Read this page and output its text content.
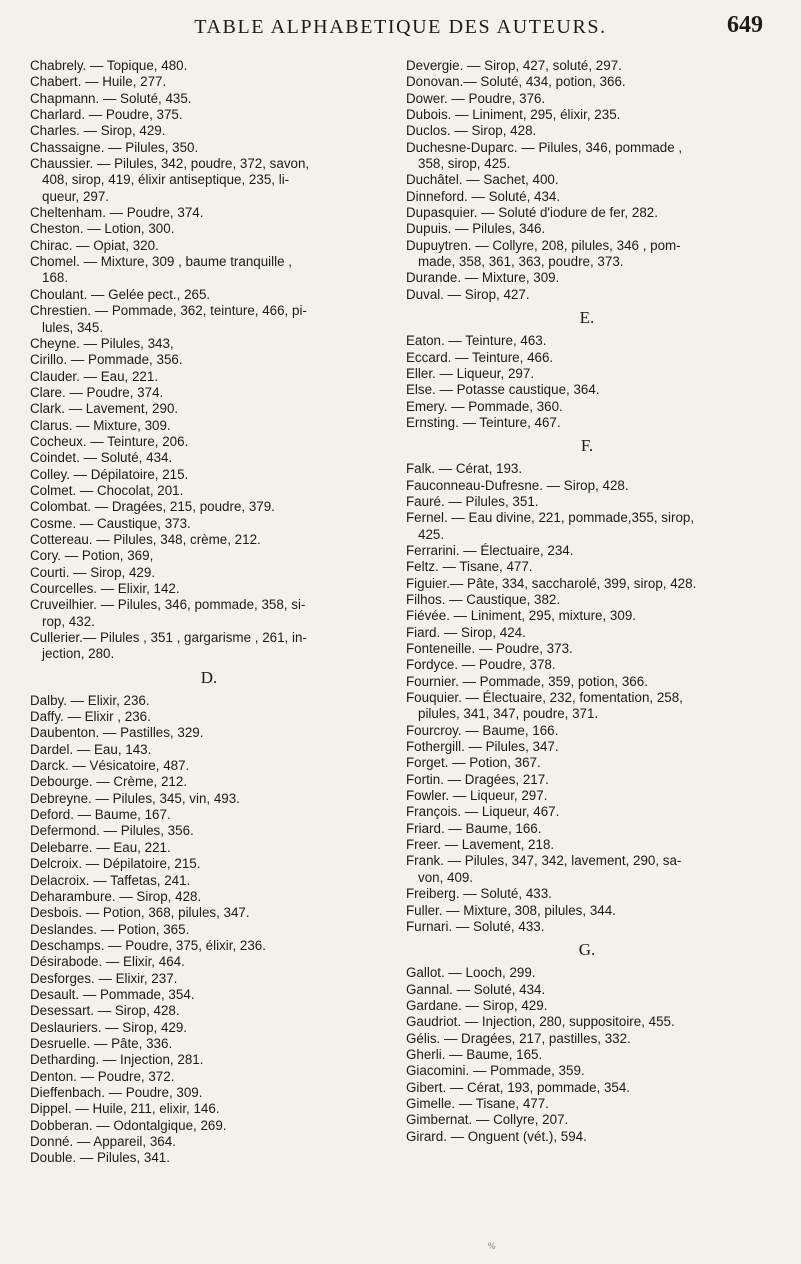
TABLE ALPHABETIQUE DES AUTEURS.	649
Chabrely. — Topique, 480.
Chabert. — Huile, 277.
Chapmann. — Soluté, 435.
Charlard. — Poudre, 375.
Charles. — Sirop, 429.
Chassaigne. — Pilules, 350.
Chaussier. — Pilules, 342, poudre, 372, savon,
408, sirop, 419, élixir antiseptique, 235, li-
queur, 297.
Cheltenham. — Poudre, 374.
Cheston. — Lotion, 300.
Chirac. — Opiat, 320.
Chomel. — Mixture, 309 , baume tranquille ,
168.
Choulant. — Gelée pect., 265.
Chrestien. — Pommade, 362, teinture, 466, pi-
lules, 345.
Cheyne. — Pilules, 343,
Cirillo. — Pommade, 356.
Clauder. — Eau, 221.
Clare. — Poudre, 374.
Clark. — Lavement, 290.
Clarus. — Mixture, 309.
Cocheux. — Teinture, 206.
Coindet. — Soluté, 434.
Colley. — Dépilatoire, 215.
Colmet. — Chocolat, 201.
Colombat. — Dragées, 215, poudre, 379.
Cosme. — Caustique, 373.
Cottereau. — Pilules, 348, crème, 212.
Cory. — Potion, 369,
Courti. — Sirop, 429.
Courcelles. — Elixir, 142.
Cruveilhier. — Pilules, 346, pommade, 358, si-
rop, 432.
Cullerier.— Pilules , 351 , gargarisme , 261, in-
jection, 280.
D.
Dalby. — Elixir, 236.
Daffy. — Elixir , 236.
Daubenton. — Pastilles, 329.
Dardel. — Eau, 143.
Darck. — Vésicatoire, 487.
Debourge. — Crème, 212.
Debreyne. — Pilules, 345, vin, 493.
Deford. — Baume, 167.
Defermond. — Pilules, 356.
Delebarre. — Eau, 221.
Delcroix. — Dépilatoire, 215.
Delacroix. — Taffetas, 241.
Deharambure. — Sirop, 428.
Desbois. — Potion, 368, pilules, 347.
Deslandes. — Potion, 365.
Deschamps. — Poudre, 375, élixir, 236.
Désirabode. — Elixir, 464.
Desforges. — Elixir, 237.
Desault. — Pommade, 354.
Desessart. — Sirop, 428.
Deslauriers. — Sirop, 429.
Desruelle. — Pâte, 336.
Detharding. — Injection, 281.
Denton. — Poudre, 372.
Dieffenbach. — Poudre, 309.
Dippel. — Huile, 211, elixir, 146.
Dobberan. — Odontalgique, 269.
Donné. — Appareil, 364.
Double. — Pilules, 341.
Devergie. — Sirop, 427, soluté, 297.
Donovan.— Soluté, 434, potion, 366.
Dower. — Poudre, 376.
Dubois. — Liniment, 295, élixir, 235.
Duclos. — Sirop, 428.
Duchesne-Duparc. — Pilules, 346, pommade ,
358, sirop, 425.
Duchâtel. — Sachet, 400.
Dinneford. — Soluté, 434.
Dupasquier. — Soluté d'iodure de fer, 282.
Dupuis. — Pilules, 346.
Dupuytren. — Collyre, 208, pilules, 346 , pom-
made, 358, 361, 363, poudre, 373.
Durande. — Mixture, 309.
Duval. — Sirop, 427.
E.
Eaton. — Teinture, 463.
Eccard. — Teinture, 466.
Eller. — Liqueur, 297.
Else. — Potasse caustique, 364.
Emery. — Pommade, 360.
Ernsting. — Teinture, 467.
F.
Falk. — Cérat, 193.
Fauconneau-Dufresne. — Sirop, 428.
Fauré. — Pilules, 351.
Fernel. — Eau divine, 221, pommade,355, sirop,
425.
Ferrarini. — Électuaire, 234.
Feltz. — Tisane, 477.
Figuier.— Pâte, 334, saccharolé, 399, sirop, 428.
Filhos. — Caustique, 382.
Fiévée. — Liniment, 295, mixture, 309.
Fiard. — Sirop, 424.
Fonteneille. — Poudre, 373.
Fordyce. — Poudre, 378.
Fournier. — Pommade, 359, potion, 366.
Fouquier. — Électuaire, 232, fomentation, 258,
pilules, 341, 347, poudre, 371.
Fourcroy. — Baume, 166.
Fothergill. — Pilules, 347.
Forget. — Potion, 367.
Fortin. — Dragées, 217.
Fowler. — Liqueur, 297.
François. — Liqueur, 467.
Friard. — Baume, 166.
Freer. — Lavement, 218.
Frank. — Pilules, 347, 342, lavement, 290, sa-
von, 409.
Freiberg. — Soluté, 433.
Fuller. — Mixture, 308, pilules, 344.
Furnari. — Soluté, 433.
G.
Gallot. — Looch, 299.
Gannal. — Soluté, 434.
Gardane. — Sirop, 429.
Gaudriot. — Injection, 280, suppositoire, 455.
Gélis. — Dragées, 217, pastilles, 332.
Gherli. — Baume, 165.
Giacomini. — Pommade, 359.
Gibert. — Cérat, 193, pommade, 354.
Gimelle. — Tisane, 477.
Gimbernat. — Collyre, 207.
Girard. — Onguent (vét.), 594.
%
